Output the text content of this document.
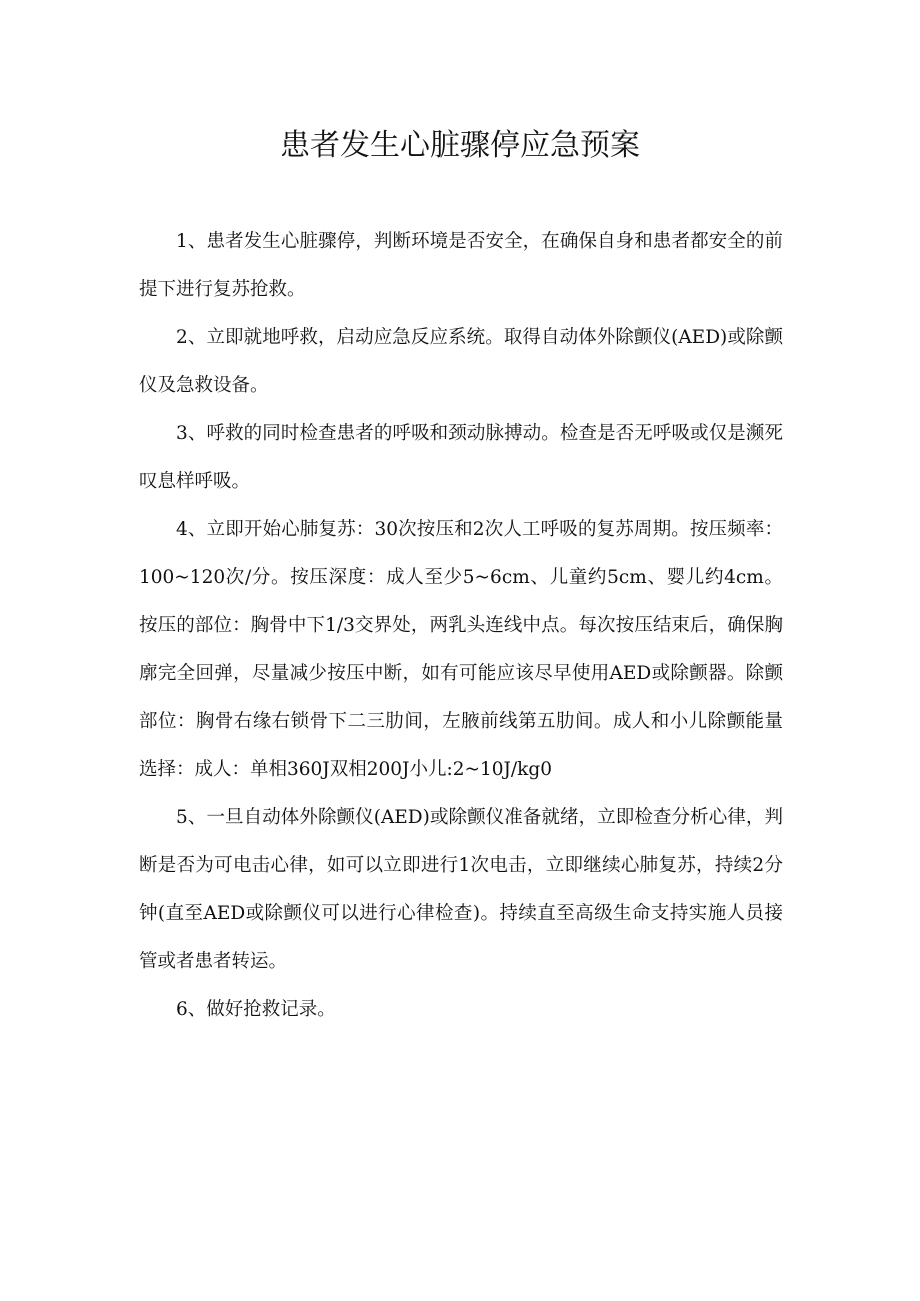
患者发生心脏骤停应急预案

1、患者发生心脏骤停，判断环境是否安全，在确保自身和患者都安全的前提下进行复苏抢救。

2、立即就地呼救，启动应急反应系统。取得自动体外除颤仪(AED)或除颤仪及急救设备。

3、呼救的同时检查患者的呼吸和颈动脉搏动。检查是否无呼吸或仅是濒死叹息样呼吸。

4、立即开始心肺复苏：30次按压和2次人工呼吸的复苏周期。按压频率：100~120次/分。按压深度：成人至少5~6cm、儿童约5cm、婴儿约4cm。按压的部位：胸骨中下1/3交界处，两乳头连线中点。每次按压结束后，确保胸廓完全回弹，尽量减少按压中断，如有可能应该尽早使用AED或除颤器。除颤部位：胸骨右缘右锁骨下二三肋间，左腋前线第五肋间。成人和小儿除颤能量选择：成人：单相360J双相200J小儿:2~10J/kg0

5、一旦自动体外除颤仪(AED)或除颤仪准备就绪，立即检查分析心律，判断是否为可电击心律，如可以立即进行1次电击，立即继续心肺复苏，持续2分钟(直至AED或除颤仪可以进行心律检查)。持续直至高级生命支持实施人员接管或者患者转运。

6、做好抢救记录。
